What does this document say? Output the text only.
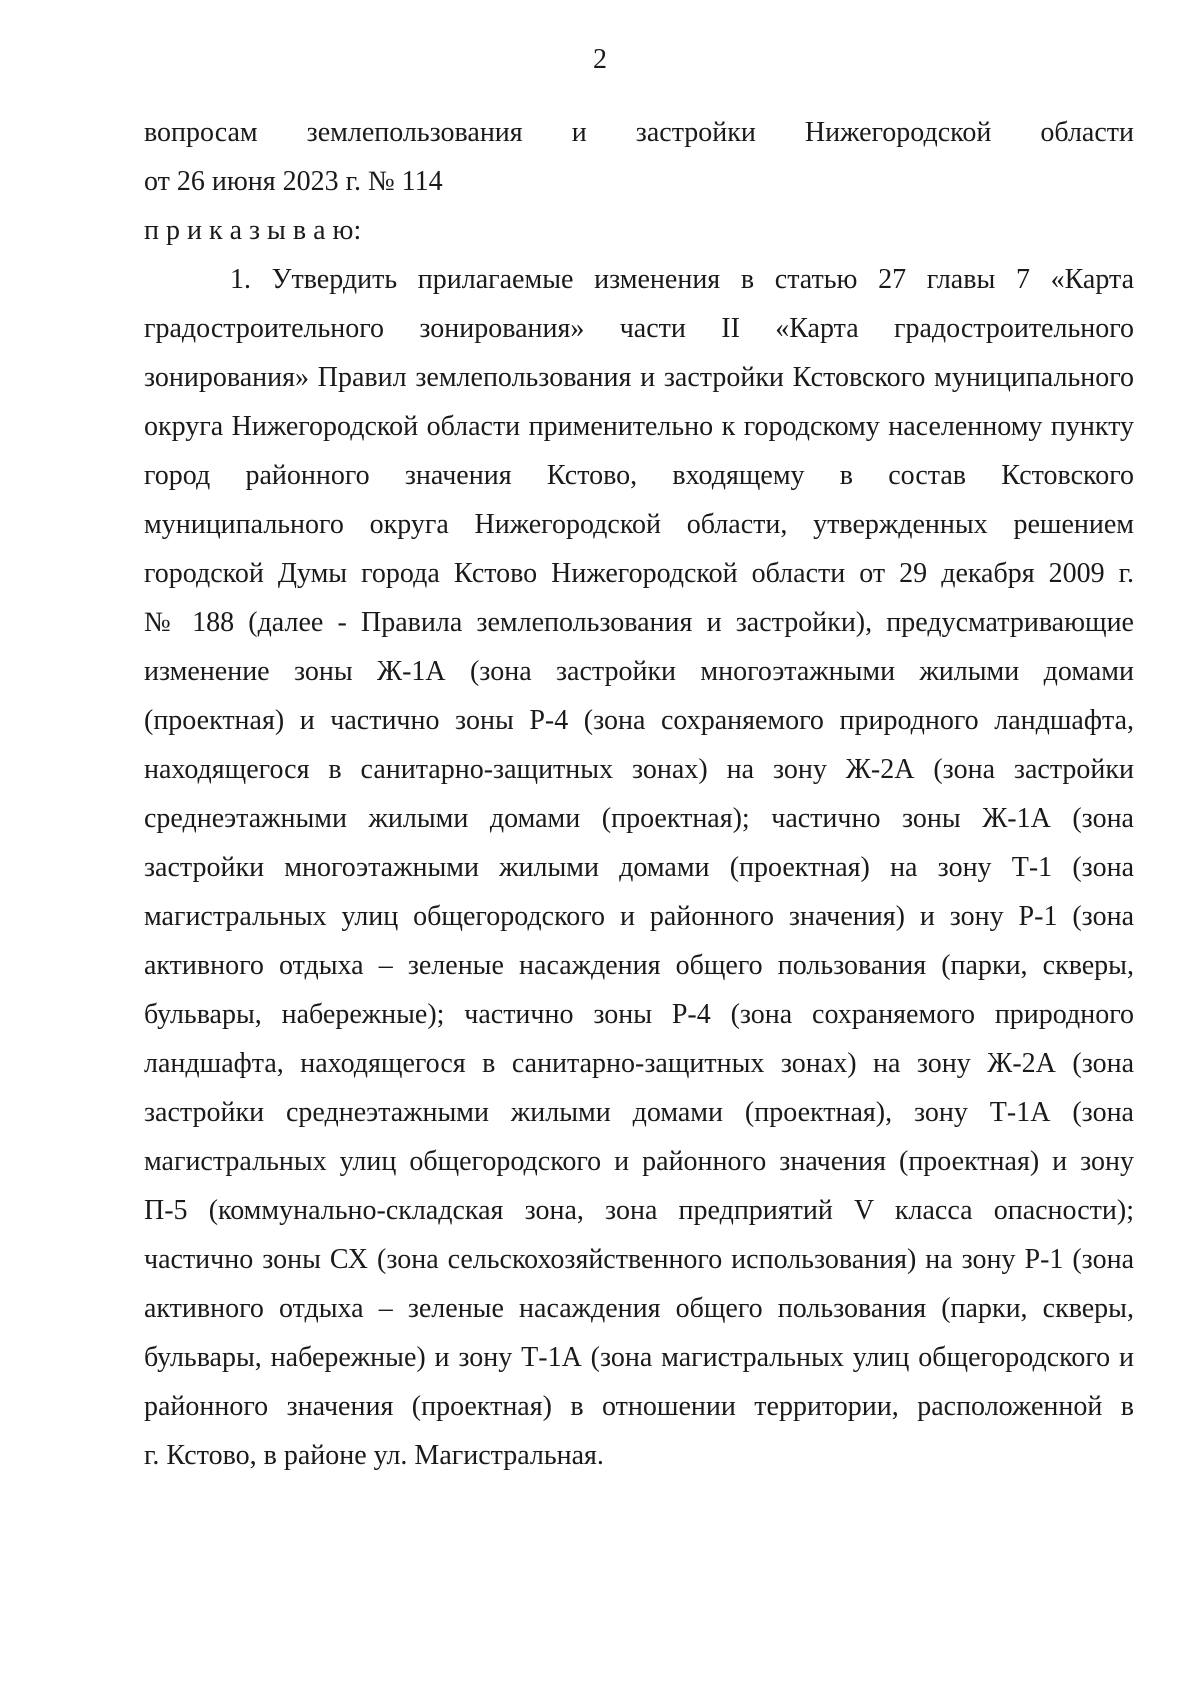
2
вопросам землепользования и застройки Нижегородской области
от 26 июня 2023 г. № 114
п р и к а з ы в а ю:
1. Утвердить прилагаемые изменения в статью 27 главы 7 «Карта
градостроительного зонирования» части II «Карта градостроительного
зонирования» Правил землепользования и застройки Кстовского муниципального
округа Нижегородской области применительно к городскому населенному пункту
город районного значения Кстово, входящему в состав Кстовского
муниципального округа Нижегородской области, утвержденных решением
городской Думы города Кстово Нижегородской области от 29 декабря 2009 г.
№ 188 (далее - Правила землепользования и застройки), предусматривающие
изменение зоны Ж-1А (зона застройки многоэтажными жилыми домами
(проектная) и частично зоны Р-4 (зона сохраняемого природного ландшафта,
находящегося в санитарно-защитных зонах) на зону Ж-2А (зона застройки
среднеэтажными жилыми домами (проектная); частично зоны Ж-1А (зона
застройки многоэтажными жилыми домами (проектная) на зону Т-1 (зона
магистральных улиц общегородского и районного значения) и зону Р-1 (зона
активного отдыха – зеленые насаждения общего пользования (парки, скверы,
бульвары, набережные); частично зоны Р-4 (зона сохраняемого природного
ландшафта, находящегося в санитарно-защитных зонах) на зону Ж-2А (зона
застройки среднеэтажными жилыми домами (проектная), зону Т-1А (зона
магистральных улиц общегородского и районного значения (проектная) и зону
П-5 (коммунально-складская зона, зона предприятий V класса опасности);
частично зоны СХ (зона сельскохозяйственного использования) на зону Р-1 (зона
активного отдыха – зеленые насаждения общего пользования (парки, скверы,
бульвары, набережные) и зону Т-1А (зона магистральных улиц общегородского и
районного значения (проектная) в отношении территории, расположенной в
г. Кстово, в районе ул. Магистральная.
